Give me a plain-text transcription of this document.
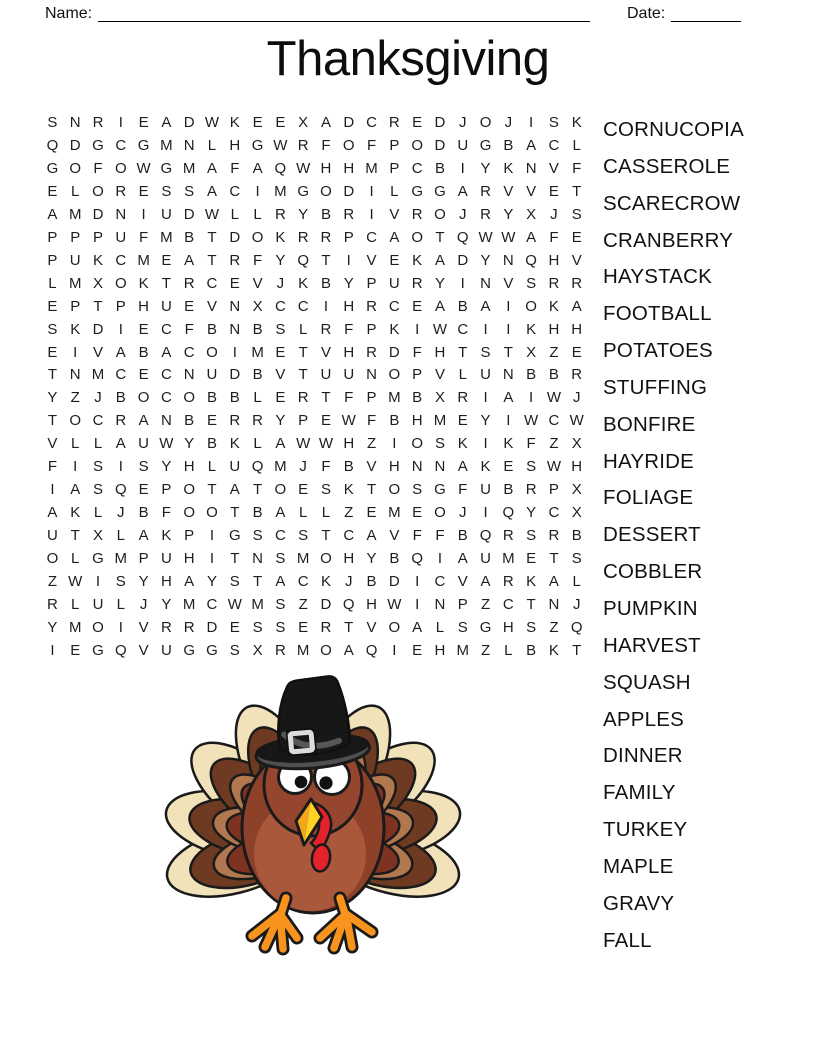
Name:	Date:
Thanksgiving
S N R	I	E A D W K E E X A D C R E D J O J	I	S K
Q D G C G M N L H G W R F O F P O D U G B A C L
G O F O W G M A F A Q W H H M P C B	I	Y K N V F
E L O R E S S A C	I M G O D	I	L G G A R V V E T
A M D N	I	U D W L L R Y B R	I	V R O J R Y X J S
P P P U F M B T D O K R R P C A O T Q W W A F E
P U K C M E A T R F Y Q T	I	V E K A D Y N Q H V
L M X O K T R C E V J K B Y P U R Y	I	N V S R R
E P T P H U E V N X C C	I	H R C E A B A	I O K A
S K D	I	E C F B N B S L R F P K	I W C	I	I	K H H
E	I	V A B A C O I M E T V H R D F H T S T X Z E
T N M C E C N U D B V T U U N O P V L U N B B R
Y Z J B O C O B B L E R T F P M B X R	I	A	I W J
T O C R A N B E R R Y P E W F B H M E Y	I W C W
V L L A U W Y B K L A W W H Z	I O S K	I	K F Z X
F	I	S	I	S Y H L U Q M J F B V H N N A K E S W H
I	A S Q E P O T A T O E S K T O S G F U B R P X
A K L J B F O O T B A L L Z E M E O J	I Q Y C X
U T X L A K P	I G S C S T C A V F F B Q R S R B
O L G M P U H	I	T N S M O H Y B Q I	A U M E T S
Z W I	S Y H A Y S T A C K J B D	I	C V A R K A L
R L U L J Y M C W M S Z D Q H W I	N P Z C T N J
Y M O I	V R R D E S S E R T V O A L S G H S Z Q
I	E G Q V U G G S X R M O A Q I	E H M Z L B K T
CORNUCOPIA
CASSEROLE
SCARECROW
CRANBERRY
HAYSTACK
FOOTBALL
POTATOES
STUFFING
BONFIRE
HAYRIDE
FOLIAGE
DESSERT
COBBLER
PUMPKIN
HARVEST
SQUASH
APPLES
DINNER
FAMILY
TURKEY
MAPLE
GRAVY
FALL
